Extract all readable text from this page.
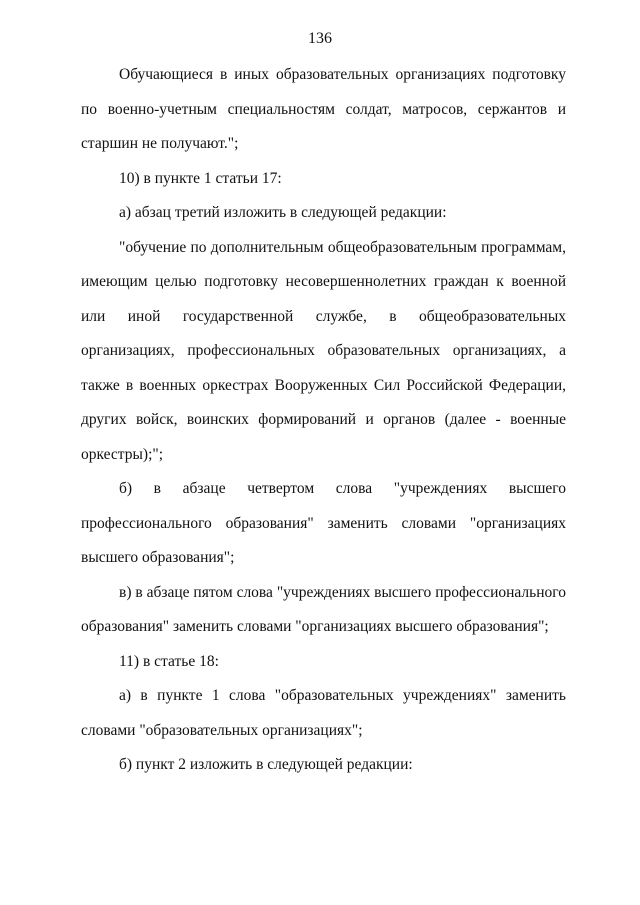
136

Обучающиеся в иных образовательных организациях подготовку по военно-учетным специальностям солдат, матросов, сержантов и старшин не получают.";

10) в пункте 1 статьи 17:

а) абзац третий изложить в следующей редакции:

"обучение по дополнительным общеобразовательным программам, имеющим целью подготовку несовершеннолетних граждан к военной или иной государственной службе, в общеобразовательных организациях, профессиональных образовательных организациях, а также в военных оркестрах Вооруженных Сил Российской Федерации, других войск, воинских формирований и органов (далее - военные оркестры);";

б) в абзаце четвертом слова "учреждениях высшего профессионального образования" заменить словами "организациях высшего образования";

в) в абзаце пятом слова "учреждениях высшего профессионального образования" заменить словами "организациях высшего образования";

11) в статье 18:

а) в пункте 1 слова "образовательных учреждениях" заменить словами "образовательных организациях";

б) пункт 2 изложить в следующей редакции:
